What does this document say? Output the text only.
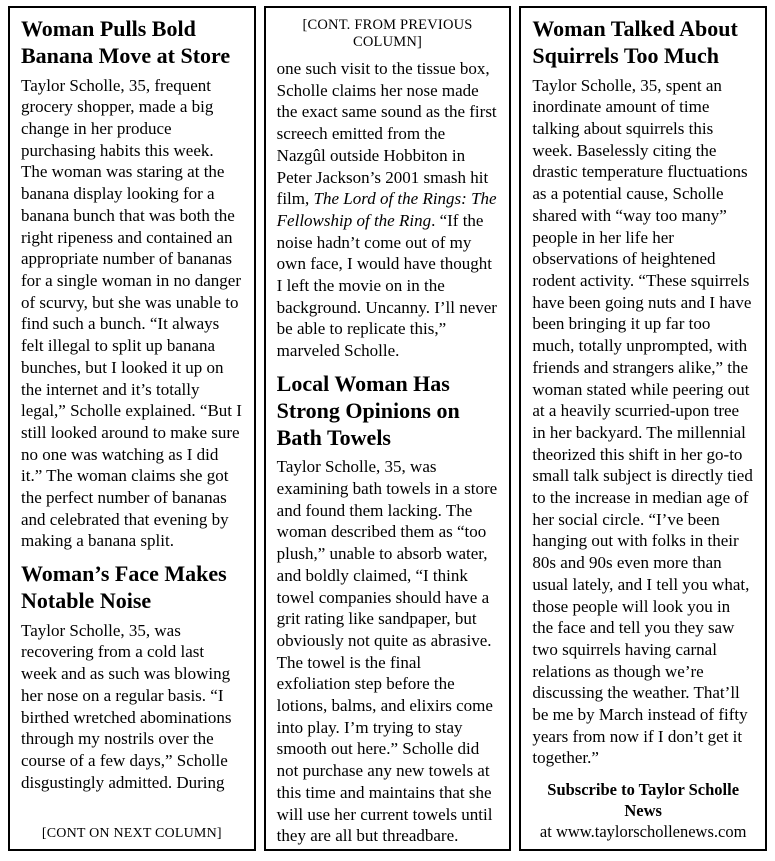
Woman Pulls Bold Banana Move at Store

Taylor Scholle, 35, frequent grocery shopper, made a big change in her produce purchasing habits this week. The woman was staring at the banana display looking for a banana bunch that was both the right ripeness and contained an appropriate number of bananas for a single woman in no danger of scurvy, but she was unable to find such a bunch. “It always felt illegal to split up banana bunches, but I looked it up on the internet and it’s totally legal,” Scholle explained. “But I still looked around to make sure no one was watching as I did it.” The woman claims she got the perfect number of bananas and celebrated that evening by making a banana split.

Woman’s Face Makes Notable Noise

Taylor Scholle, 35, was recovering from a cold last week and as such was blowing her nose on a regular basis. “I birthed wretched abominations through my nostrils over the course of a few days,” Scholle disgustingly admitted. During

[CONT ON NEXT COLUMN]
[CONT. FROM PREVIOUS COLUMN]

one such visit to the tissue box, Scholle claims her nose made the exact same sound as the first screech emitted from the Nazgûl outside Hobbiton in Peter Jackson’s 2001 smash hit film, The Lord of the Rings: The Fellowship of the Ring. “If the noise hadn’t come out of my own face, I would have thought I left the movie on in the background. Uncanny. I’ll never be able to replicate this,” marveled Scholle.

Local Woman Has Strong Opinions on Bath Towels

Taylor Scholle, 35, was examining bath towels in a store and found them lacking. The woman described them as “too plush,” unable to absorb water, and boldly claimed, “I think towel companies should have a grit rating like sandpaper, but obviously not quite as abrasive. The towel is the final exfoliation step before the lotions, balms, and elixirs come into play. I’m trying to stay smooth out here.” Scholle did not purchase any new towels at this time and maintains that she will use her current towels until they are all but threadbare.

Woman Talked About Squirrels Too Much

Taylor Scholle, 35, spent an inordinate amount of time talking about squirrels this week. Baselessly citing the drastic temperature fluctuations as a potential cause, Scholle shared with “way too many” people in her life her observations of heightened rodent activity. “These squirrels have been going nuts and I have been bringing it up far too much, totally unprompted, with friends and strangers alike,” the woman stated while peering out at a heavily scurried-upon tree in her backyard. The millennial theorized this shift in her go-to small talk subject is directly tied to the increase in median age of her social circle. “I’ve been hanging out with folks in their 80s and 90s even more than usual lately, and I tell you what, those people will look you in the face and tell you they saw two squirrels having carnal relations as though we’re discussing the weather. That’ll be me by March instead of fifty years from now if I don’t get it together.”

Subscribe to Taylor Scholle News
at www.taylorschollenews.com
